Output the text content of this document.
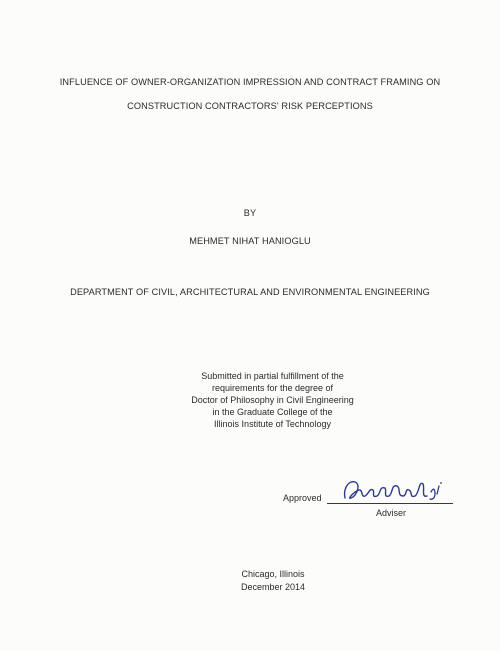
INFLUENCE OF OWNER-ORGANIZATION IMPRESSION AND CONTRACT FRAMING ON
CONSTRUCTION CONTRACTORS' RISK PERCEPTIONS
BY
MEHMET NIHAT HANIOGLU
DEPARTMENT OF CIVIL, ARCHITECTURAL AND ENVIRONMENTAL ENGINEERING
Submitted in partial fulfillment of the
requirements for the degree of
Doctor of Philosophy in Civil Engineering
in the Graduate College of the
Illinois Institute of Technology
Approved
Adviser
Chicago, Illinois
December 2014
